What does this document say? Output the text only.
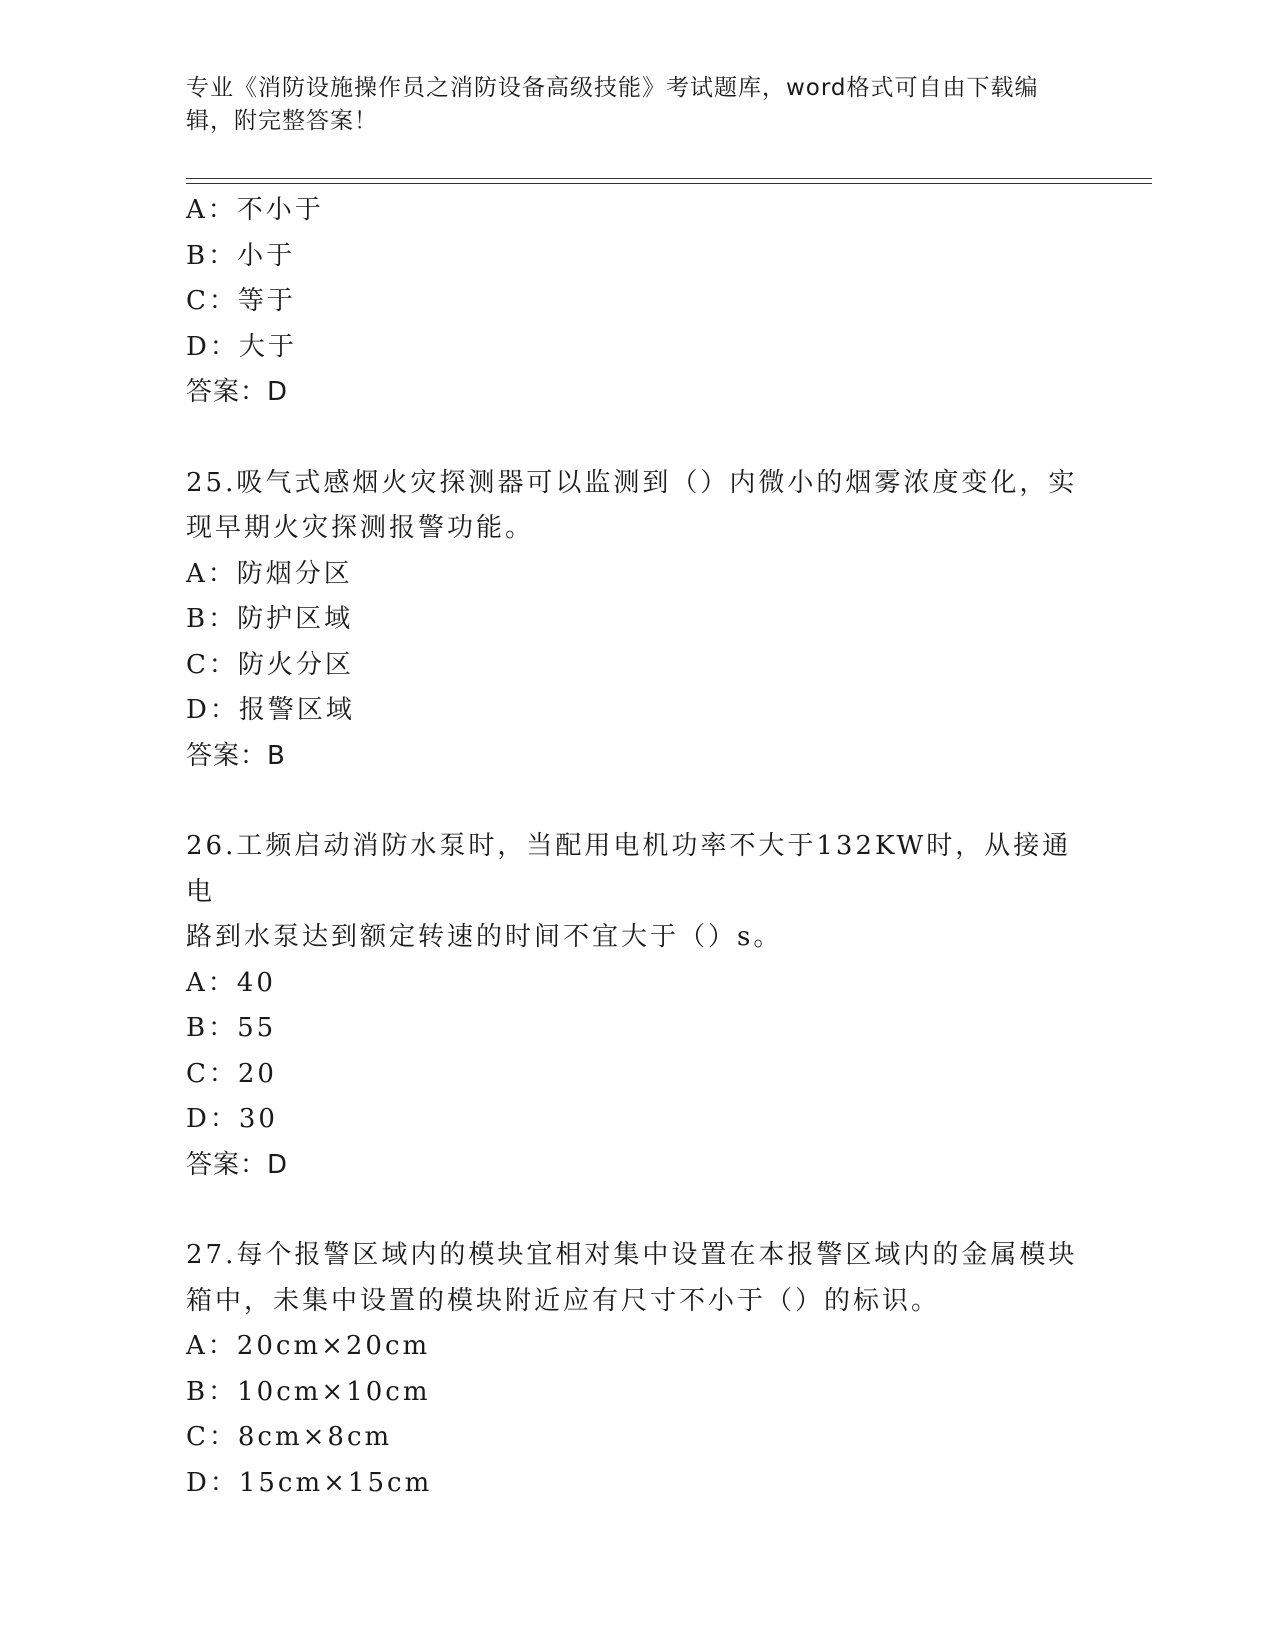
专业《消防设施操作员之消防设备高级技能》考试题库，word格式可自由下载编
辑，附完整答案！
A：不小于
B：小于
C：等于
D：大于
答案：D
25.吸气式感烟火灾探测器可以监测到（）内微小的烟雾浓度变化，实
现早期火灾探测报警功能。
A：防烟分区
B：防护区域
C：防火分区
D：报警区域
答案：B
26.工频启动消防水泵时，当配用电机功率不大于132KW时，从接通电
路到水泵达到额定转速的时间不宜大于（）s。
A：40
B：55
C：20
D：30
答案：D
27.每个报警区域内的模块宜相对集中设置在本报警区域内的金属模块
箱中，未集中设置的模块附近应有尺寸不小于（）的标识。
A：20cm×20cm
B：10cm×10cm
C：8cm×8cm
D：15cm×15cm
